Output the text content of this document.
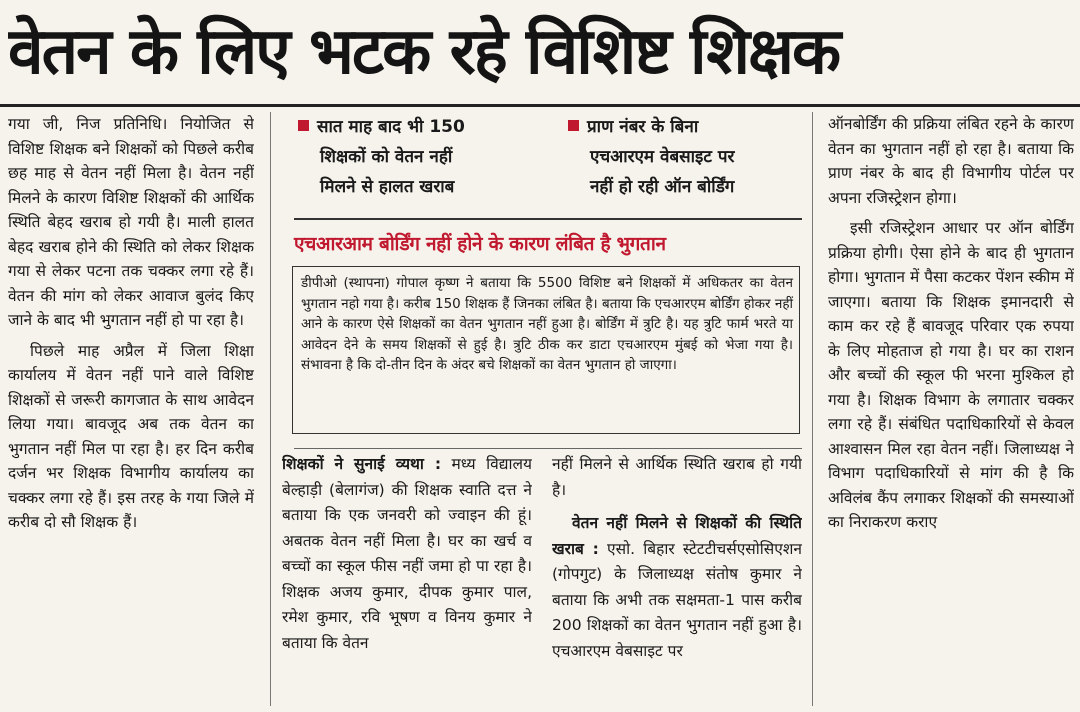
वेतन के लिए भटक रहे विशिष्ट शिक्षक

गया जी, निज प्रतिनिधि। नियोजित से विशिष्ट शिक्षक बने शिक्षकों को पिछले करीब छह माह से वेतन नहीं मिला है। वेतन नहीं मिलने के कारण विशिष्ट शिक्षकों की आर्थिक स्थिति बेहद खराब हो गयी है। माली हालत बेहद खराब होने की स्थिति को लेकर शिक्षक गया से लेकर पटना तक चक्कर लगा रहे हैं। वेतन की मांग को लेकर आवाज बुलंद किए जाने के बाद भी भुगतान नहीं हो पा रहा है।

पिछले माह अप्रैल में जिला शिक्षा कार्यालय में वेतन नहीं पाने वाले विशिष्ट शिक्षकों से जरूरी कागजात के साथ आवेदन लिया गया। बावजूद अब तक वेतन का भुगतान नहीं मिल पा रहा है। हर दिन करीब दर्जन भर शिक्षक विभागीय कार्यालय का चक्कर लगा रहे हैं। इस तरह के गया जिले में करीब दो सौ शिक्षक हैं।

सात माह बाद भी 150
शिक्षकों को वेतन नहीं
मिलने से हालत खराब
प्राण नंबर के बिना
एचआरएम वेबसाइट पर
नहीं हो रही ऑन बोर्डिंग
एचआरआम बोर्डिंग नहीं होने के कारण लंबित है भुगतान
डीपीओ (स्थापना) गोपाल कृष्ण ने बताया कि 5500 विशिष्ट बने शिक्षकों में अधिकतर का वेतन भुगतान नहो गया है। करीब 150 शिक्षक हैं जिनका लंबित है। बताया कि एचआरएम बोर्डिंग होकर नहीं आने के कारण ऐसे शिक्षकों का वेतन भुगतान नहीं हुआ है। बोर्डिंग में त्रुटि है। यह त्रुटि फार्म भरते या आवेदन देने के समय शिक्षकों से हुई है। त्रुटि ठीक कर डाटा एचआरएम मुंबई को भेजा गया है। संभावना है कि दो-तीन दिन के अंदर बचे शिक्षकों का वेतन भुगतान हो जाएगा।

शिक्षकों ने सुनाई व्यथा : मध्य विद्यालय बेल्हाड़ी (बेलागंज) की शिक्षक स्वाति दत्त ने बताया कि एक जनवरी को ज्वाइन की हूं। अबतक वेतन नहीं मिला है। घर का खर्च व बच्चों का स्कूल फीस नहीं जमा हो पा रहा है। शिक्षक अजय कुमार, दीपक कुमार पाल, रमेश कुमार, रवि भूषण व विनय कुमार ने बताया कि वेतन

नहीं मिलने से आर्थिक स्थिति खराब हो गयी है।

वेतन नहीं मिलने से शिक्षकों की स्थिति खराब : एसो. बिहार स्टेटटीचर्सएसोसिएशन (गोपगुट) के जिलाध्यक्ष संतोष कुमार ने बताया कि अभी तक सक्षमता-1 पास करीब 200 शिक्षकों का वेतन भुगतान नहीं हुआ है। एचआरएम वेबसाइट पर

ऑनबोर्डिंग की प्रक्रिया लंबित रहने के कारण वेतन का भुगतान नहीं हो रहा है। बताया कि प्राण नंबर के बाद ही विभागीय पोर्टल पर अपना रजिस्ट्रेशन होगा।

इसी रजिस्ट्रेशन आधार पर ऑन बोर्डिंग प्रक्रिया होगी। ऐसा होने के बाद ही भुगतान होगा। भुगतान में पैसा कटकर पेंशन स्कीम में जाएगा। बताया कि शिक्षक इमानदारी से काम कर रहे हैं बावजूद परिवार एक रुपया के लिए मोहताज हो गया है। घर का राशन और बच्चों की स्कूल फी भरना मुश्किल हो गया है। शिक्षक विभाग के लगातार चक्कर लगा रहे हैं। संबंधित पदाधिकारियों से केवल आश्वासन मिल रहा वेतन नहीं। जिलाध्यक्ष ने विभाग पदाधिकारियों से मांग की है कि अविलंब कैंप लगाकर शिक्षकों की समस्याओं का निराकरण कराए
